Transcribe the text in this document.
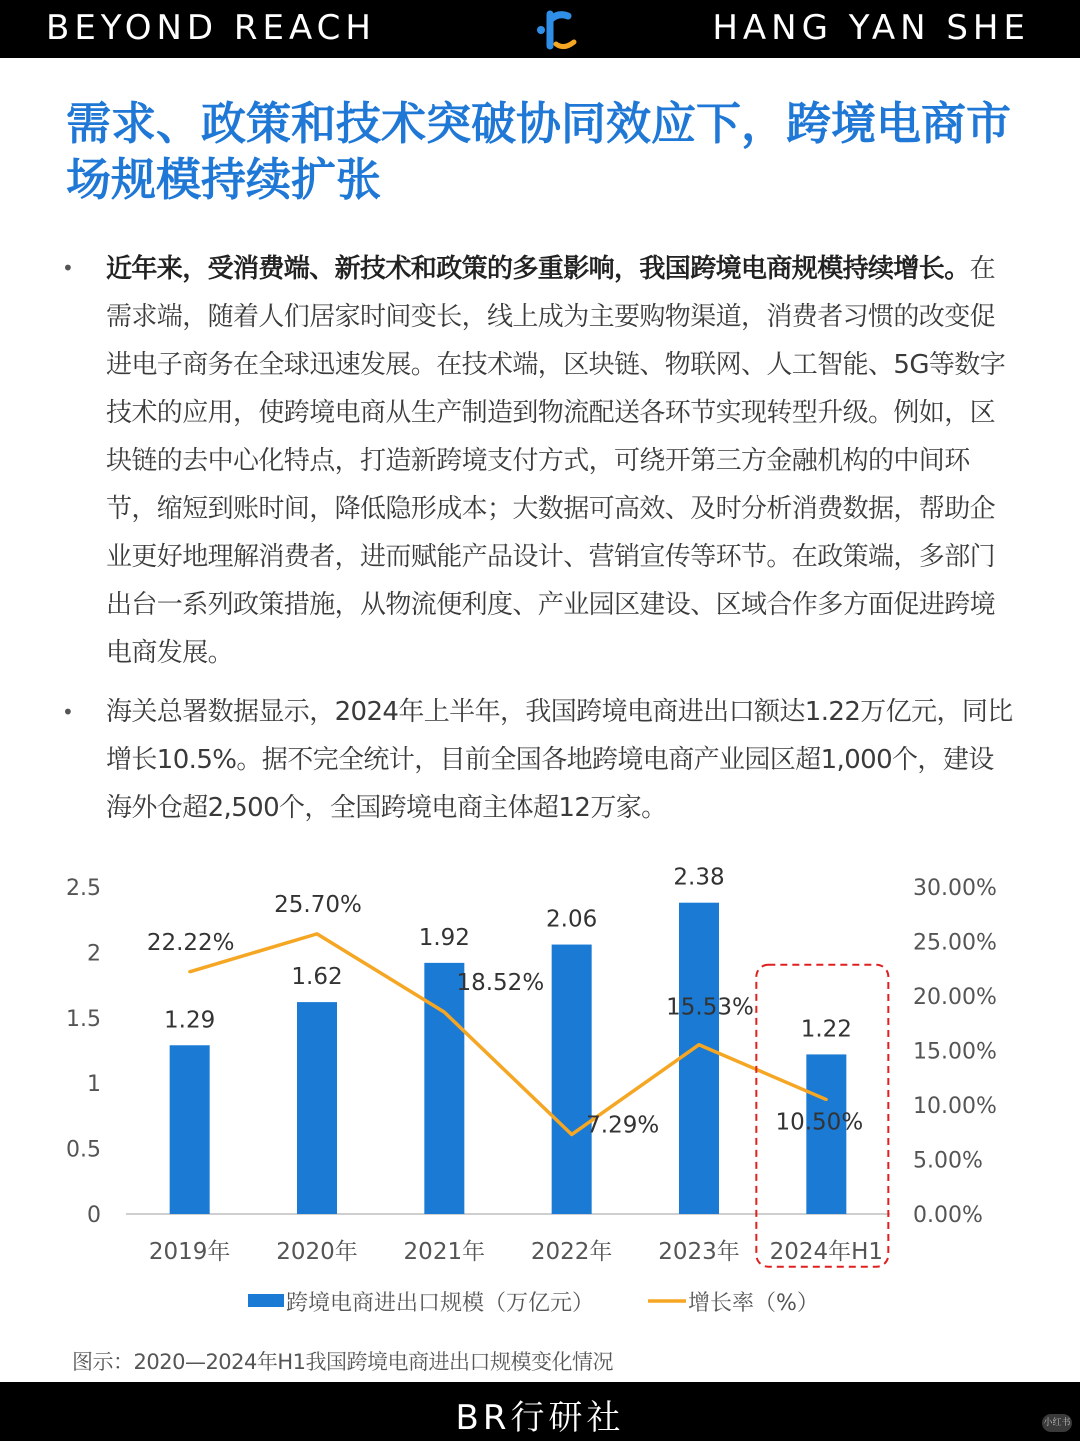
BEYOND REACH	HANG YAN SHE
需求、政策和技术突破协同效应下，跨境电商市场规模持续扩张
• 近年来，受消费端、新技术和政策的多重影响，我国跨境电商规模持续增长。在需求端，随着人们居家时间变长，线上成为主要购物渠道，消费者习惯的改变促进电子商务在全球迅速发展。在技术端，区块链、物联网、人工智能、5G等数字技术的应用，使跨境电商从生产制造到物流配送各环节实现转型升级。例如，区块链的去中心化特点，打造新跨境支付方式，可绕开第三方金融机构的中间环节，缩短到账时间，降低隐形成本；大数据可高效、及时分析消费数据，帮助企业更好地理解消费者，进而赋能产品设计、营销宣传等环节。在政策端，多部门出台一系列政策措施，从物流便利度、产业园区建设、区域合作多方面促进跨境电商发展。

• 海关总署数据显示，2024年上半年，我国跨境电商进出口额达1.22万亿元，同比增长10.5%。据不完全统计，目前全国各地跨境电商产业园区超1,000个，建设海外仓超2,500个，全国跨境电商主体超12万家。

0
0.5
1
1.5
2
2.5
0.00%
5.00%
10.00%
15.00%
20.00%
25.00%
30.00%
1.29
1.62
1.92
2.06
2.38
1.22
2019年 2020年 2021年 2022年 2023年 2024年H1
22.22%
25.70%
18.52%
7.29%
15.53%
10.50%
跨境电商进出口规模（万亿元）	增长率（%）
图示：2020—2024年H1我国跨境电商进出口规模变化情况
BR行研社	小红书
